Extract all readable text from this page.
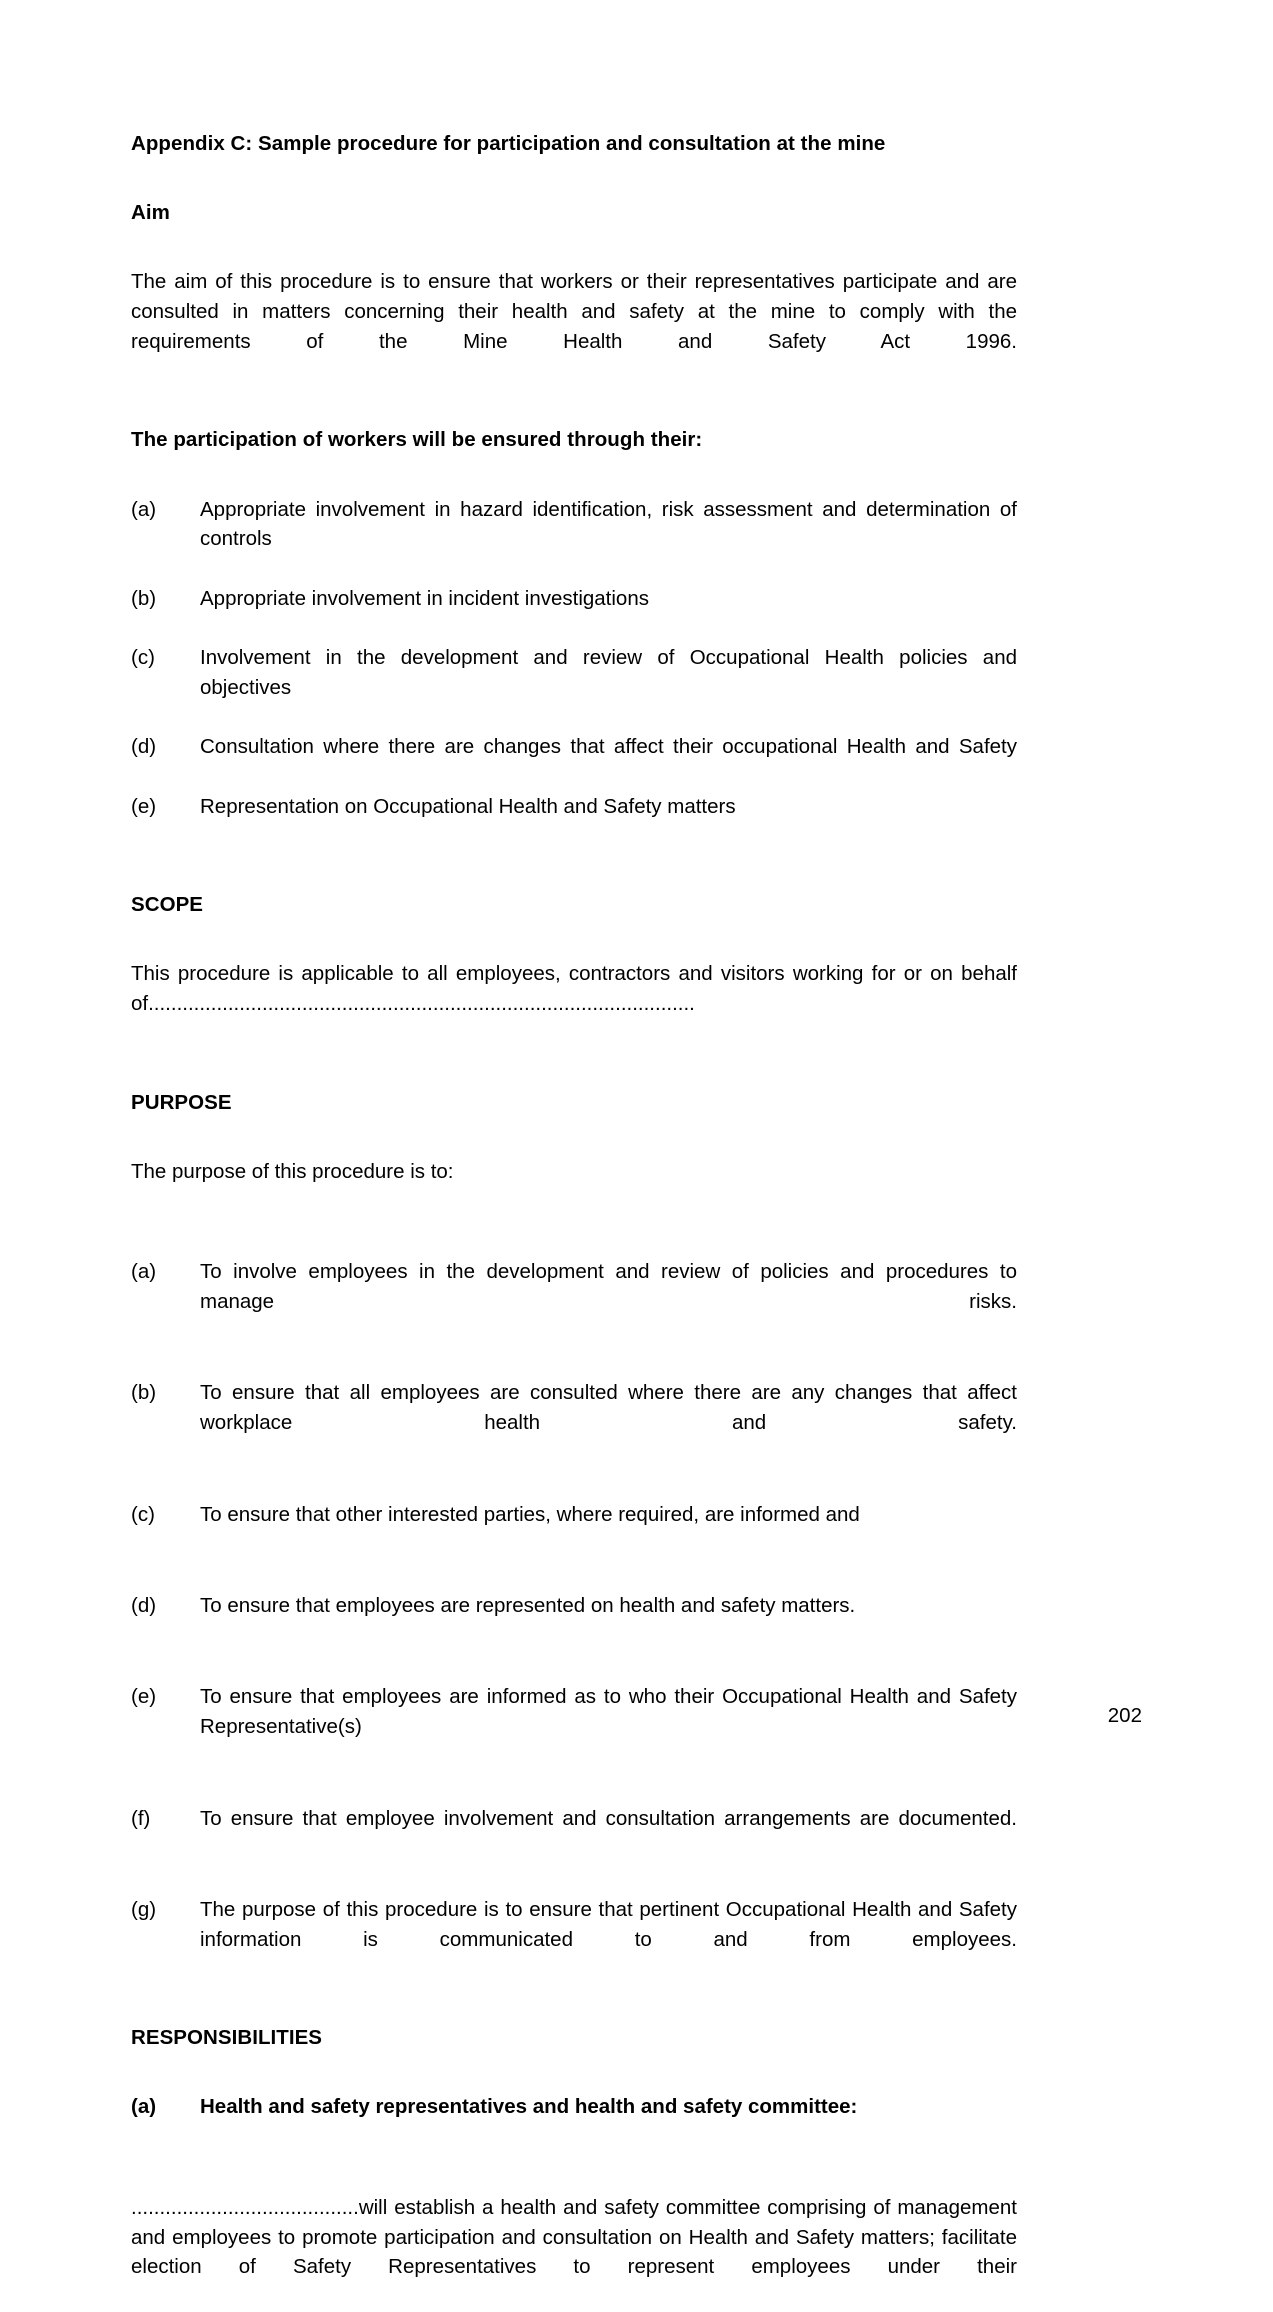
Appendix C: Sample procedure for participation and consultation at the mine
Aim

The aim of this procedure is to ensure that workers or their representatives participate and are consulted in matters concerning their health and safety at the mine to comply with the requirements of the Mine Health and Safety Act 1996.

The participation of workers will be ensured through their:
(a)	Appropriate involvement in hazard identification, risk assessment and determination of controls
(b)	Appropriate involvement in incident investigations
(c)	Involvement in the development and review of Occupational Health policies and objectives
(d)	Consultation where there are changes that affect their occupational Health and Safety
(e)	Representation on Occupational Health and Safety matters
SCOPE

This procedure is applicable to all employees, contractors and visitors working for or on behalf of................................................................................................

PURPOSE

The purpose of this procedure is to:

(a)	To involve employees in the development and review of policies and procedures to manage risks.
(b)	To ensure that all employees are consulted where there are any changes that affect workplace health and safety.
(c)	To ensure that other interested parties, where required, are informed and
(d)	To ensure that employees are represented on health and safety matters.
(e)	To ensure that employees are informed as to who their Occupational Health and Safety Representative(s)
(f)	To ensure that employee involvement and consultation arrangements are documented.
(g)	The purpose of this procedure is to ensure that pertinent Occupational Health and Safety information is communicated to and from employees.
RESPONSIBILITIES
(a)	Health and safety representatives and health and safety committee:

........................................will establish a health and safety committee comprising of management and employees to promote participation and consultation on Health and Safety matters; facilitate election of Safety Representatives to represent employees under their

202
